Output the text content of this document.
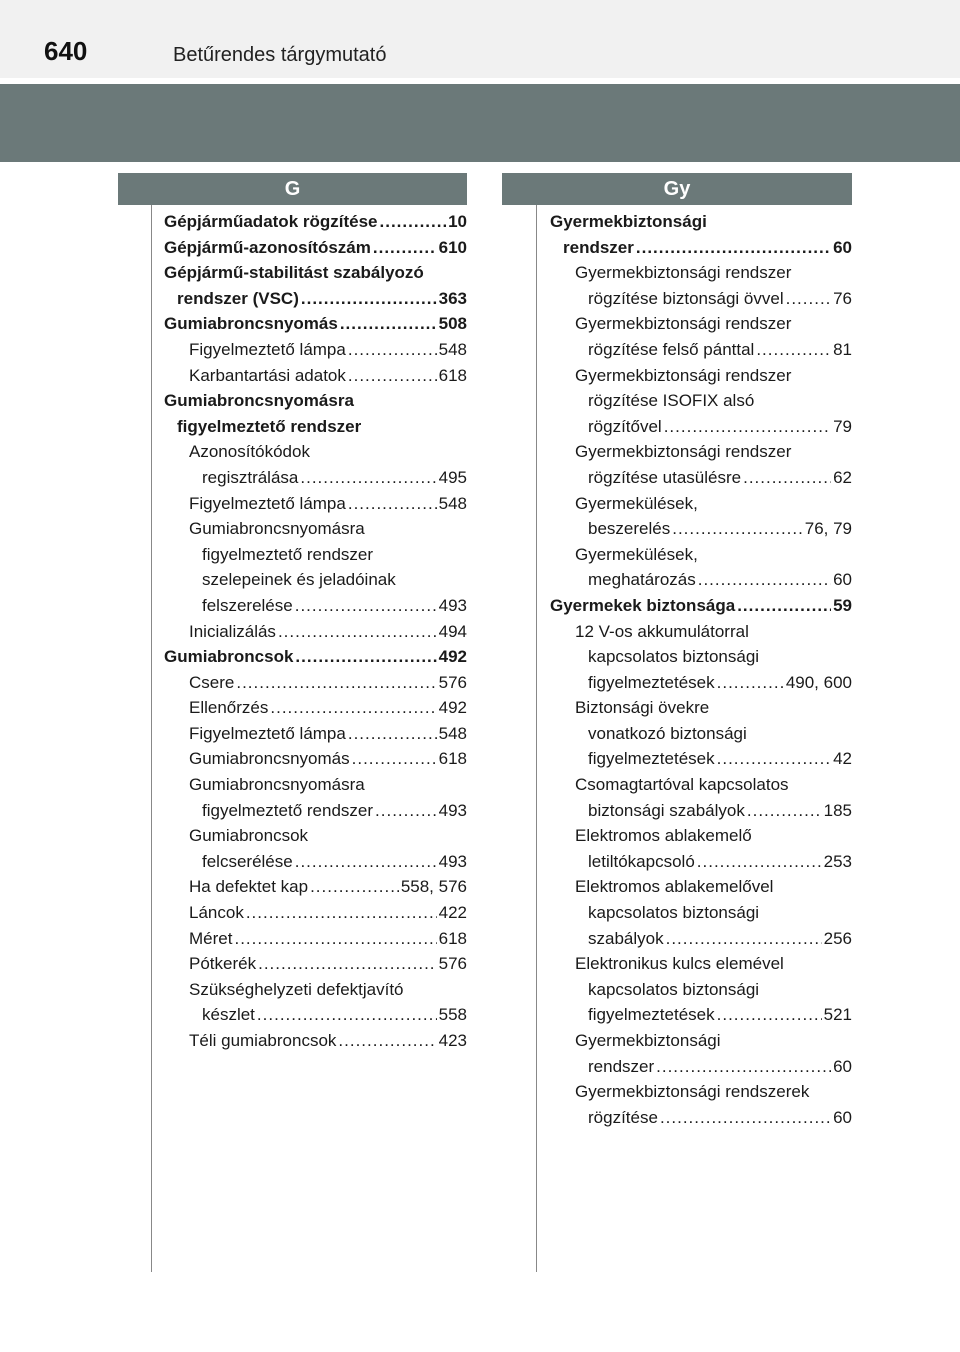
640	Betűrendes tárgymutató
G	Gy
Gépjárműadatok rögzítése .....	10
Gépjármű-azonosítószám .....	610
Gépjármű-stabilitást szabályozó
rendszer (VSC) .....	363
Gumiabroncsnyomás .....	508
Figyelmeztető lámpa .....	548
Karbantartási adatok .....	618
Gumiabroncsnyomásra
figyelmeztető rendszer
Azonosítókódok
regisztrálása .....	495
Figyelmeztető lámpa .....	548
Gumiabroncsnyomásra
figyelmeztető rendszer
szelepeinek és jeladóinak
felszerelése .....	493
Inicializálás .....	494
Gumiabroncsok .....	492
Csere .....	576
Ellenőrzés .....	492
Figyelmeztető lámpa .....	548
Gumiabroncsnyomás .....	618
Gumiabroncsnyomásra
figyelmeztető rendszer .....	493
Gumiabroncsok
felcserélése .....	493
Ha defektet kap .....	558, 576
Láncok .....	422
Méret .....	618
Pótkerék .....	576
Szükséghelyzeti defektjavító
készlet .....	558
Téli gumiabroncsok .....	423
Gyermekbiztonsági
rendszer .....	60
Gyermekbiztonsági rendszer
rögzítése biztonsági övvel .....	76
Gyermekbiztonsági rendszer
rögzítése felső pánttal .....	81
Gyermekbiztonsági rendszer
rögzítése ISOFIX alsó
rögzítővel .....	79
Gyermekbiztonsági rendszer
rögzítése utasülésre .....	62
Gyermekülések,
beszerelés .....	76, 79
Gyermekülések,
meghatározás .....	60
Gyermekek biztonsága .....	59
12 V-os akkumulátorral
kapcsolatos biztonsági
figyelmeztetések .....	490, 600
Biztonsági övekre
vonatkozó biztonsági
figyelmeztetések .....	42
Csomagtartóval kapcsolatos
biztonsági szabályok .....	185
Elektromos ablakemelő
letiltókapcsoló .....	253
Elektromos ablakemelővel
kapcsolatos biztonsági
szabályok .....	256
Elektronikus kulcs elemével
kapcsolatos biztonsági
figyelmeztetések .....	521
Gyermekbiztonsági
rendszer .....	60
Gyermekbiztonsági rendszerek
rögzítése .....	60
